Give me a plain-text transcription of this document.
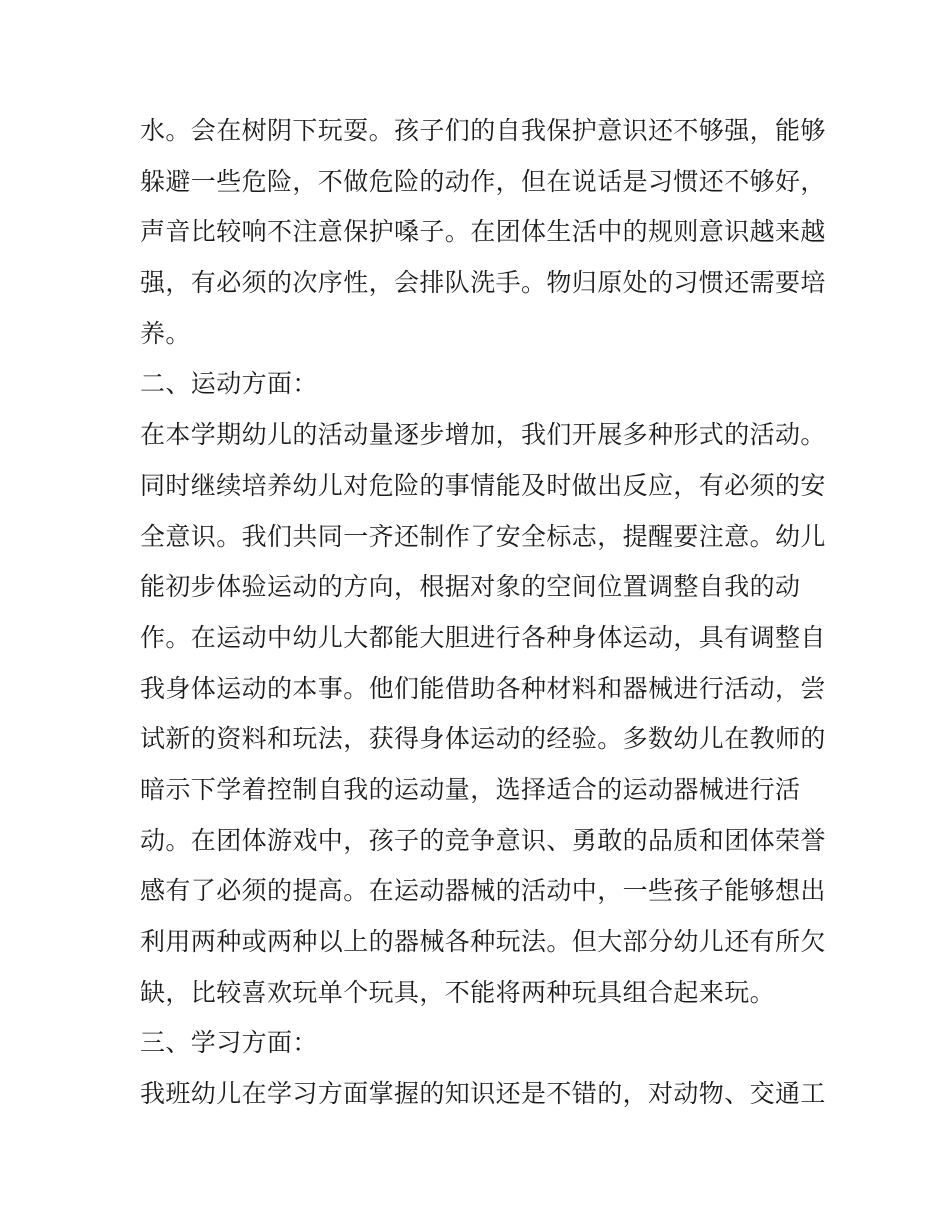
水。会在树阴下玩耍。孩子们的自我保护意识还不够强，能够
躲避一些危险，不做危险的动作，但在说话是习惯还不够好，
声音比较响不注意保护嗓子。在团体生活中的规则意识越来越
强，有必须的次序性，会排队洗手。物归原处的习惯还需要培
养。
二、运动方面：
在本学期幼儿的活动量逐步增加，我们开展多种形式的活动。
同时继续培养幼儿对危险的事情能及时做出反应，有必须的安
全意识。我们共同一齐还制作了安全标志，提醒要注意。幼儿
能初步体验运动的方向，根据对象的空间位置调整自我的动
作。在运动中幼儿大都能大胆进行各种身体运动，具有调整自
我身体运动的本事。他们能借助各种材料和器械进行活动，尝
试新的资料和玩法，获得身体运动的经验。多数幼儿在教师的
暗示下学着控制自我的运动量，选择适合的运动器械进行活
动。在团体游戏中，孩子的竞争意识、勇敢的品质和团体荣誉
感有了必须的提高。在运动器械的活动中，一些孩子能够想出
利用两种或两种以上的器械各种玩法。但大部分幼儿还有所欠
缺，比较喜欢玩单个玩具，不能将两种玩具组合起来玩。
三、学习方面：
我班幼儿在学习方面掌握的知识还是不错的，对动物、交通工
